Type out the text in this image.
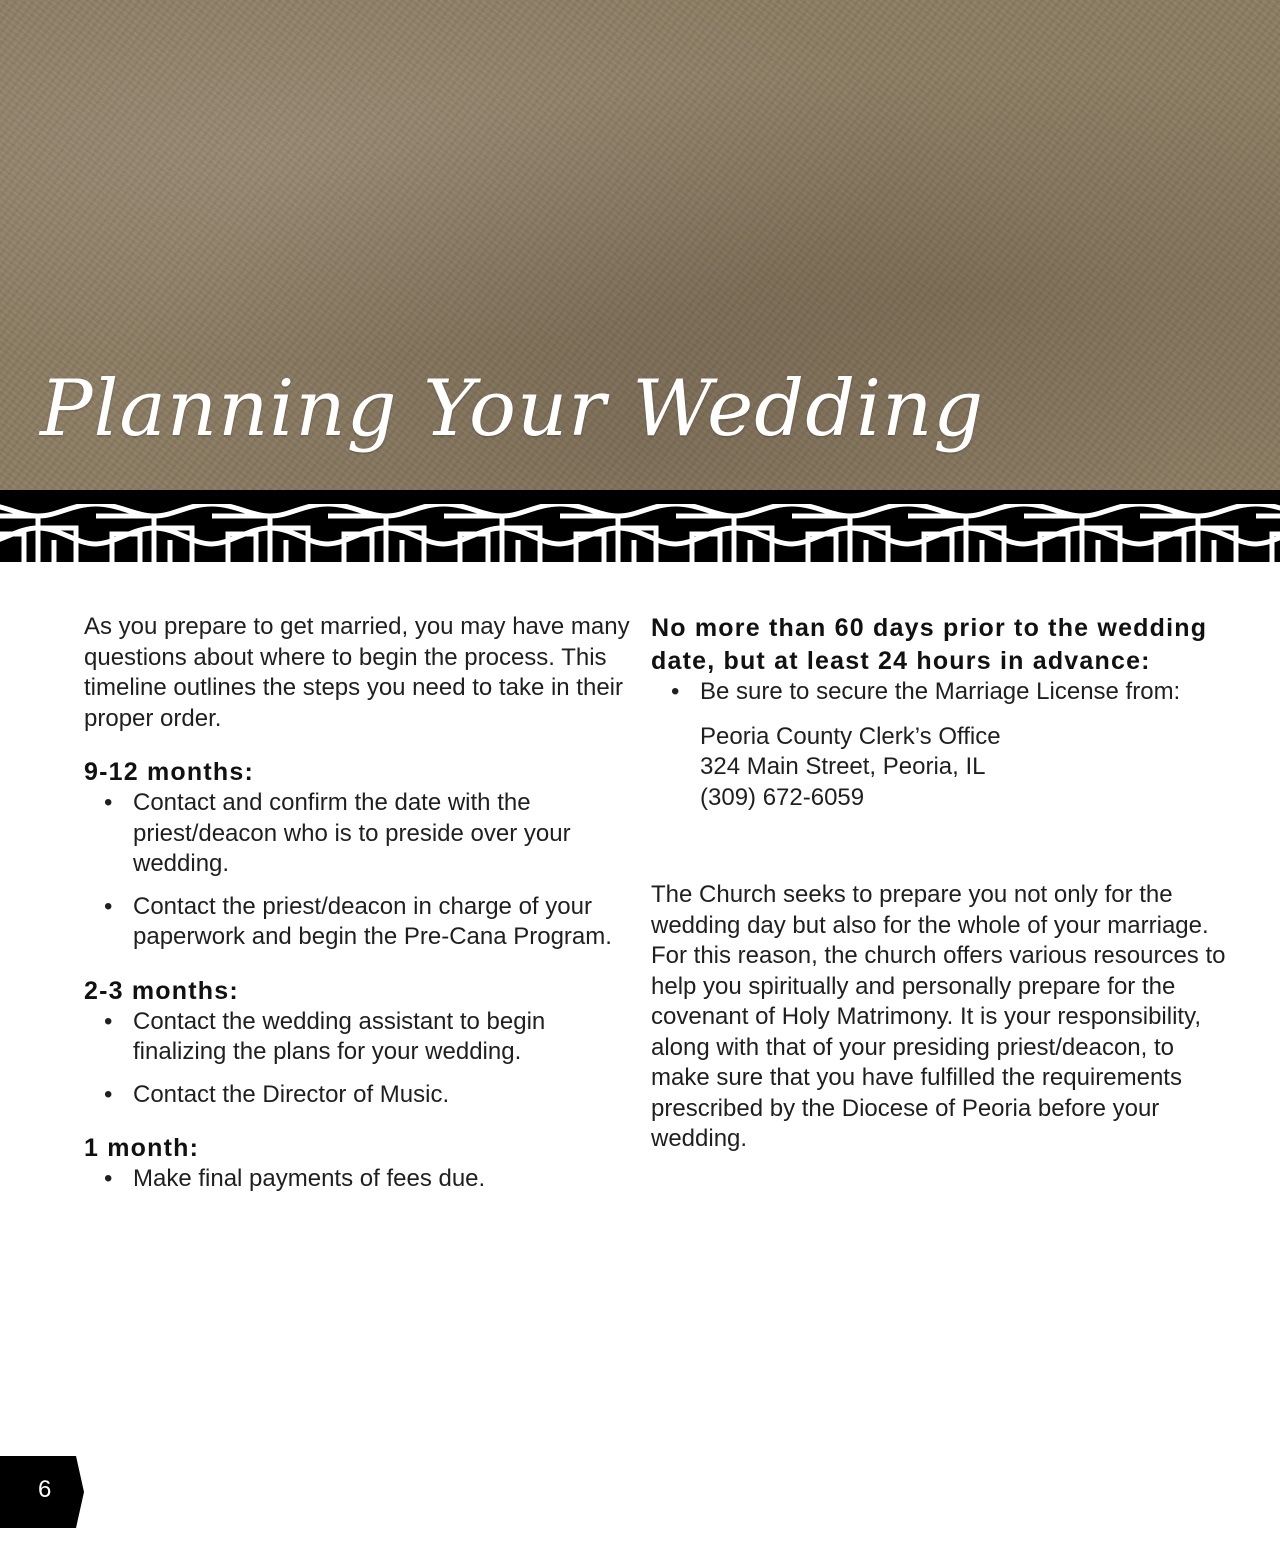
Planning Your Wedding

As you prepare to get married, you may have many questions about where to begin the process. This timeline outlines the steps you need to take in their proper order.

9-12 months:
• Contact and confirm the date with the priest/deacon who is to preside over your wedding.
• Contact the priest/deacon in charge of your paperwork and begin the Pre-Cana Program.
2-3 months:
• Contact the wedding assistant to begin finalizing the plans for your wedding.
• Contact the Director of Music.
1 month:
• Make final payments of fees due.
No more than 60 days prior to the wedding date, but at least 24 hours in advance:
• Be sure to secure the Marriage License from:
Peoria County Clerk’s Office
324 Main Street, Peoria, IL
(309) 672-6059

The Church seeks to prepare you not only for the wedding day but also for the whole of your marriage. For this reason, the church offers various resources to help you spiritually and personally prepare for the covenant of Holy Matrimony. It is your responsibility, along with that of your presiding priest/deacon, to make sure that you have fulfilled the requirements prescribed by the Diocese of Peoria before your wedding.

6
